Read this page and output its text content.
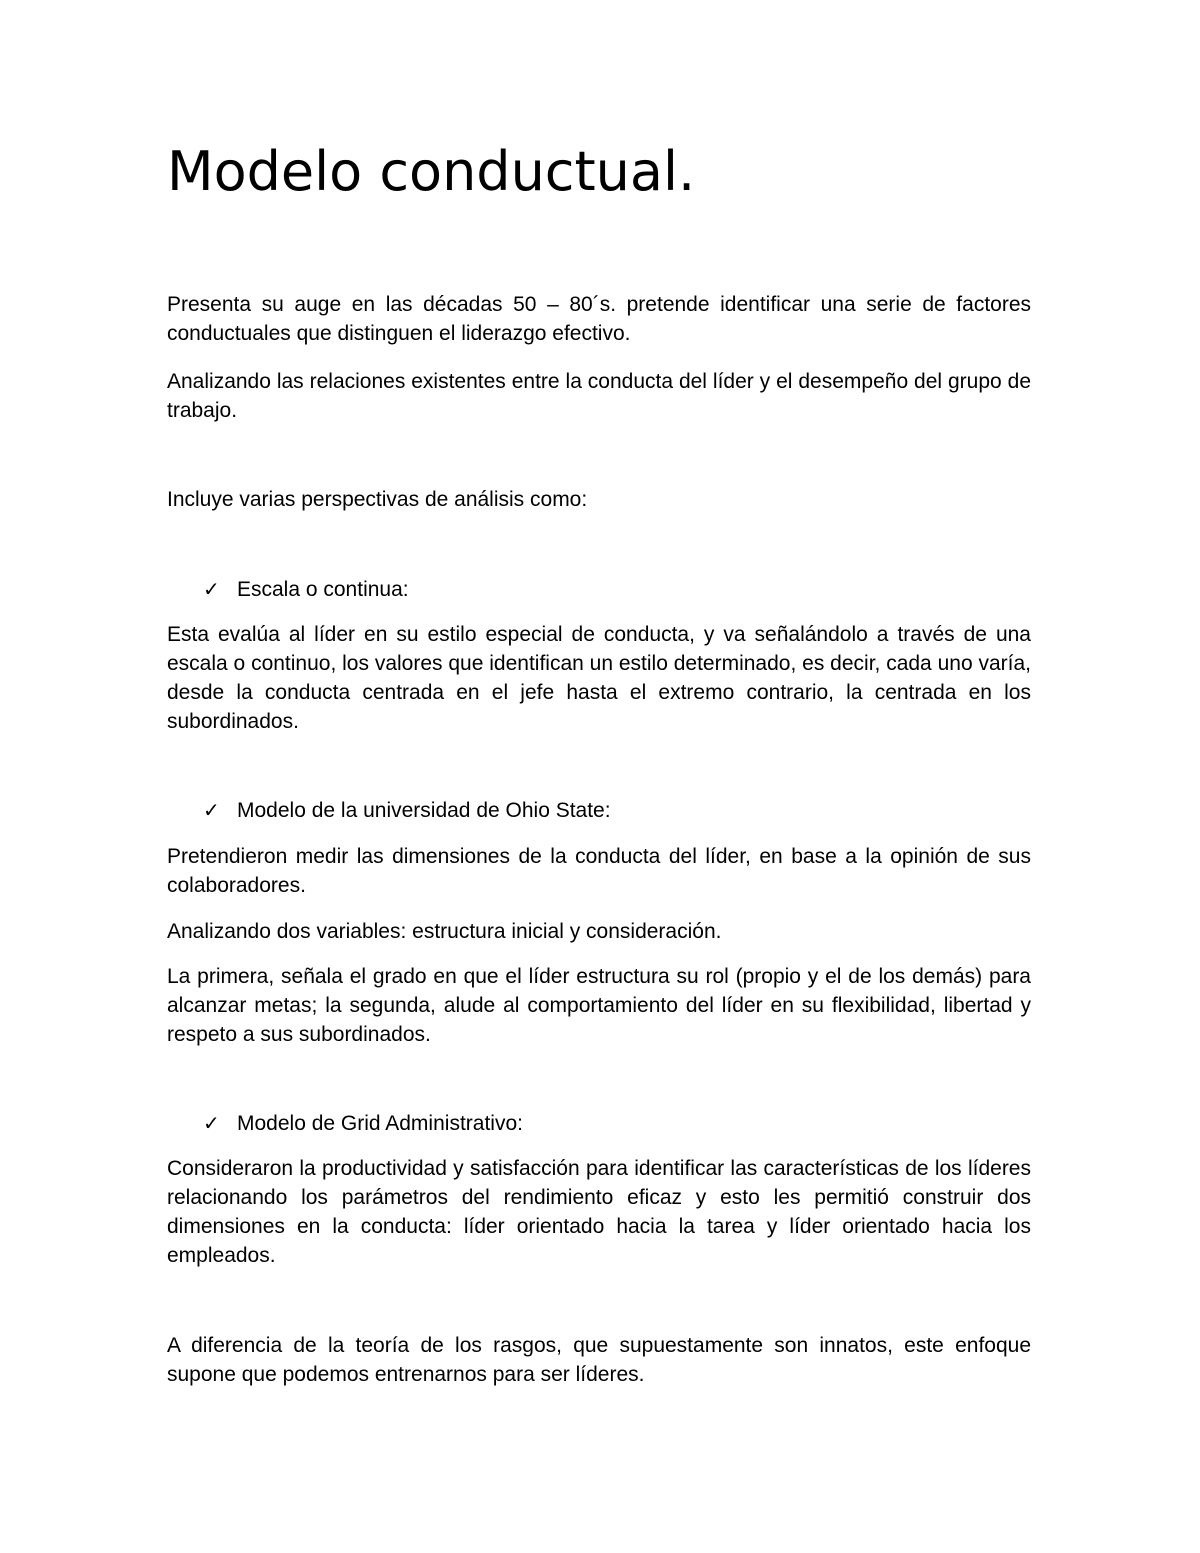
Modelo conductual.

Presenta su auge en las décadas 50 – 80´s. pretende identificar una serie de factores conductuales que distinguen el liderazgo efectivo.

Analizando las relaciones existentes entre la conducta del líder y el desempeño del grupo de trabajo.

Incluye varias perspectivas de análisis como:

✓ Escala o continua:

Esta evalúa al líder en su estilo especial de conducta, y va señalándolo a través de una escala o continuo, los valores que identifican un estilo determinado, es decir, cada uno varía, desde la conducta centrada en el jefe hasta el extremo contrario, la centrada en los subordinados.

✓ Modelo de la universidad de Ohio State:

Pretendieron medir las dimensiones de la conducta del líder, en base a la opinión de sus colaboradores.

Analizando dos variables: estructura inicial y consideración.

La primera, señala el grado en que el líder estructura su rol (propio y el de los demás) para alcanzar metas; la segunda, alude al comportamiento del líder en su flexibilidad, libertad y respeto a sus subordinados.

✓ Modelo de Grid Administrativo:

Consideraron la productividad y satisfacción para identificar las características de los líderes relacionando los parámetros del rendimiento eficaz y esto les permitió construir dos dimensiones en la conducta: líder orientado hacia la tarea y líder orientado hacia los empleados.

A diferencia de la teoría de los rasgos, que supuestamente son innatos, este enfoque supone que podemos entrenarnos para ser líderes.
